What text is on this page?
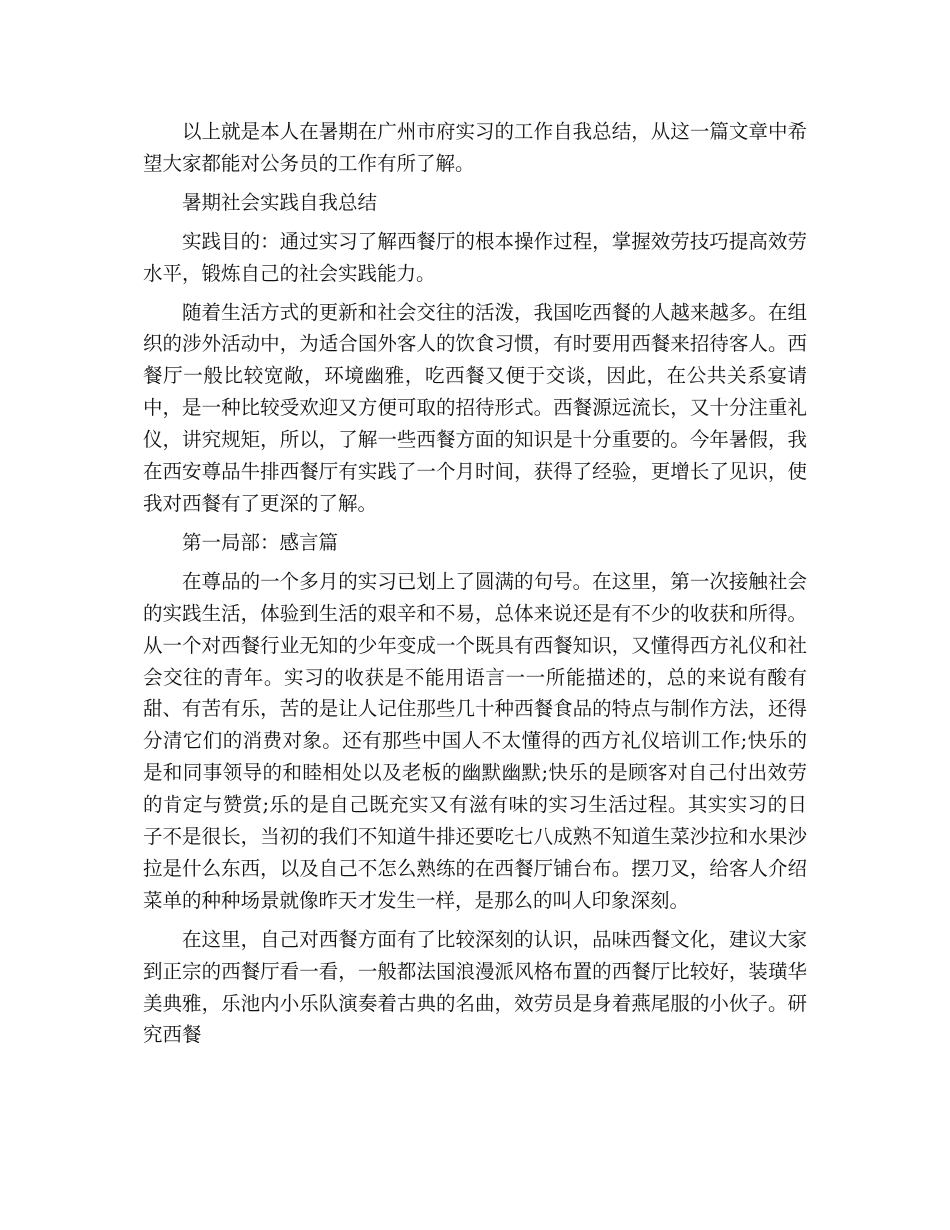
以上就是本人在暑期在广州市府实习的工作自我总结，从这一篇文章中希望大家都能对公务员的工作有所了解。

暑期社会实践自我总结

实践目的：通过实习了解西餐厅的根本操作过程，掌握效劳技巧提高效劳水平，锻炼自己的社会实践能力。

随着生活方式的更新和社会交往的活泼，我国吃西餐的人越来越多。在组织的涉外活动中，为适合国外客人的饮食习惯，有时要用西餐来招待客人。西餐厅一般比较宽敞，环境幽雅，吃西餐又便于交谈，因此，在公共关系宴请中，是一种比较受欢迎又方便可取的招待形式。西餐源远流长，又十分注重礼仪，讲究规矩，所以，了解一些西餐方面的知识是十分重要的。今年暑假，我在西安尊品牛排西餐厅有实践了一个月时间，获得了经验，更增长了见识，使我对西餐有了更深的了解。

第一局部：感言篇

在尊品的一个多月的实习已划上了圆满的句号。在这里，第一次接触社会的实践生活，体验到生活的艰辛和不易，总体来说还是有不少的收获和所得。从一个对西餐行业无知的少年变成一个既具有西餐知识，又懂得西方礼仪和社会交往的青年。实习的收获是不能用语言一一所能描述的，总的来说有酸有甜、有苦有乐，苦的是让人记住那些几十种西餐食品的特点与制作方法，还得分清它们的消费对象。还有那些中国人不太懂得的西方礼仪培训工作;快乐的是和同事领导的和睦相处以及老板的幽默幽默;快乐的是顾客对自己付出效劳的肯定与赞赏;乐的是自己既充实又有滋有味的实习生活过程。其实实习的日子不是很长，当初的我们不知道牛排还要吃七八成熟不知道生菜沙拉和水果沙拉是什么东西，以及自己不怎么熟练的在西餐厅铺台布。摆刀叉，给客人介绍菜单的种种场景就像昨天才发生一样，是那么的叫人印象深刻。

在这里，自己对西餐方面有了比较深刻的认识，品味西餐文化，建议大家到正宗的西餐厅看一看，一般都法国浪漫派风格布置的西餐厅比较好，装璜华美典雅，乐池内小乐队演奏着古典的名曲，效劳员是身着燕尾服的小伙子。研究西餐
